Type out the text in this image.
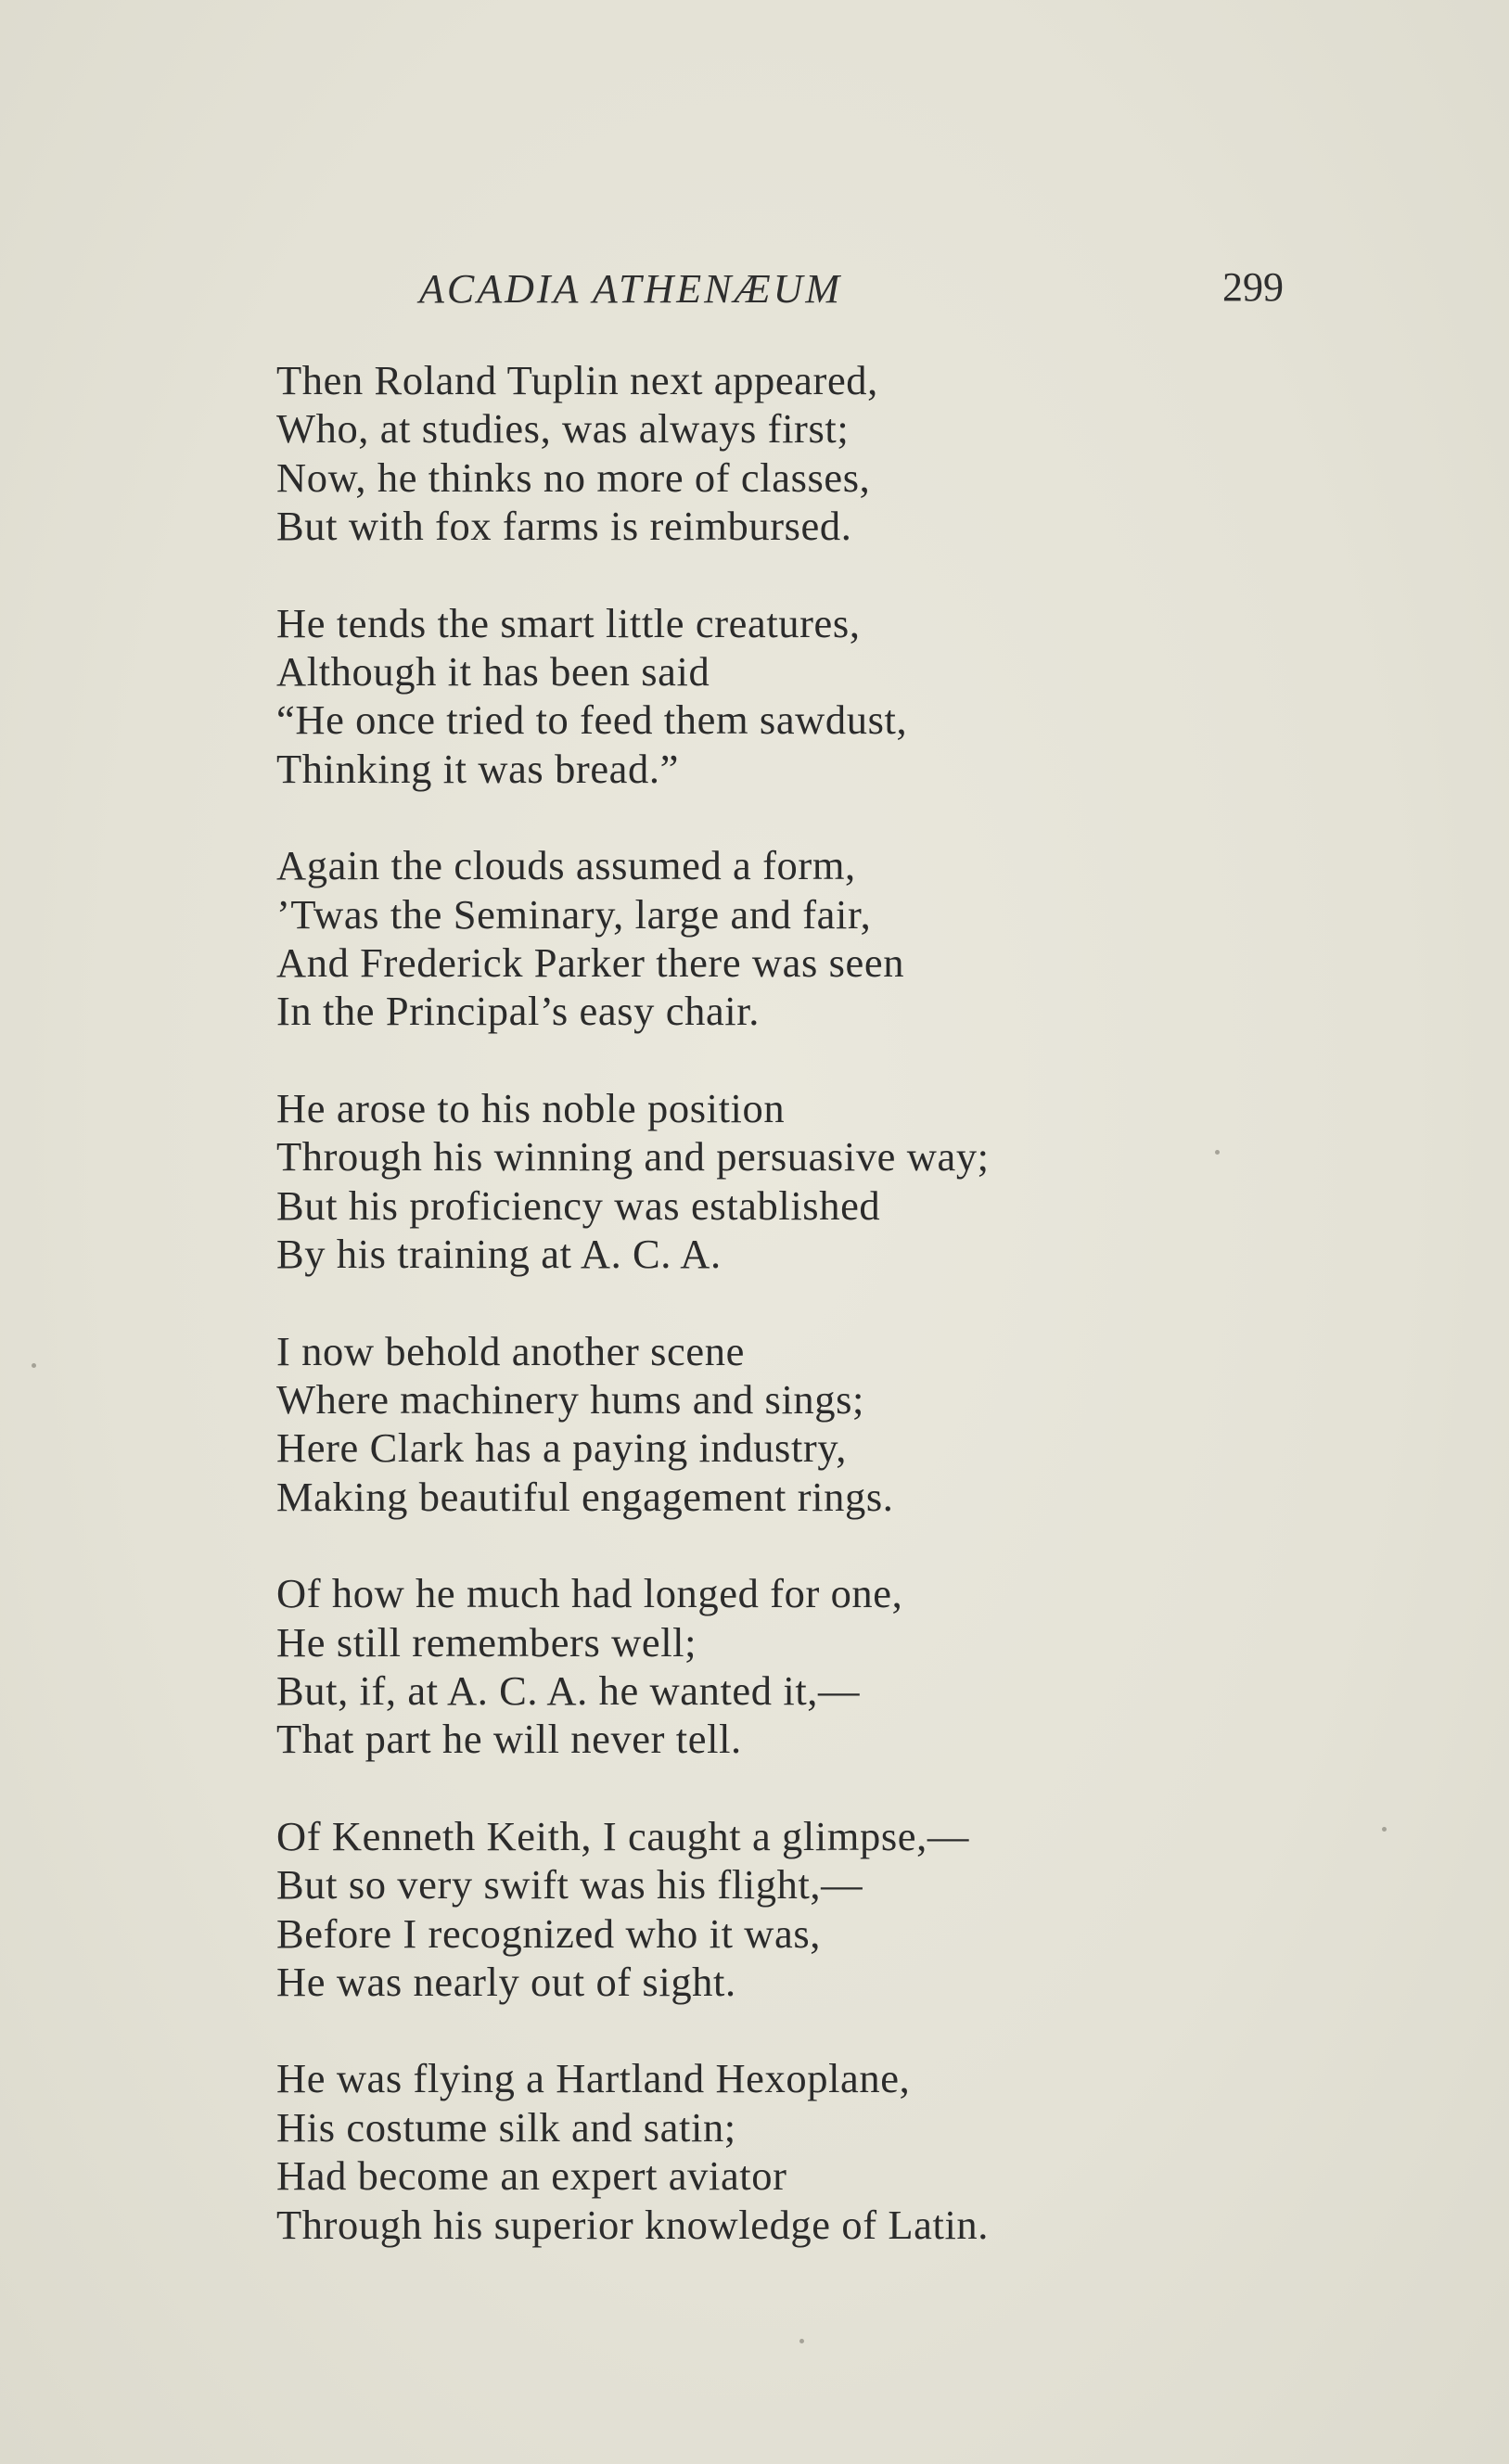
ACADIA ATHENÆUM	299
Then Roland Tuplin next appeared,
Who, at studies, was always first;
Now, he thinks no more of classes,
But with fox farms is reimbursed.
He tends the smart little creatures,
Although it has been said
“He once tried to feed them sawdust,
Thinking it was bread.”
Again the clouds assumed a form,
’Twas the Seminary, large and fair,
And Frederick Parker there was seen
In the Principal’s easy chair.
He arose to his noble position
Through his winning and persuasive way;
But his proficiency was established
By his training at A. C. A.
I now behold another scene
Where machinery hums and sings;
Here Clark has a paying industry,
Making beautiful engagement rings.
Of how he much had longed for one,
He still remembers well;
But, if, at A. C. A. he wanted it,—
That part he will never tell.
Of Kenneth Keith, I caught a glimpse,—
But so very swift was his flight,—
Before I recognized who it was,
He was nearly out of sight.
He was flying a Hartland Hexoplane,
His costume silk and satin;
Had become an expert aviator
Through his superior knowledge of Latin.
